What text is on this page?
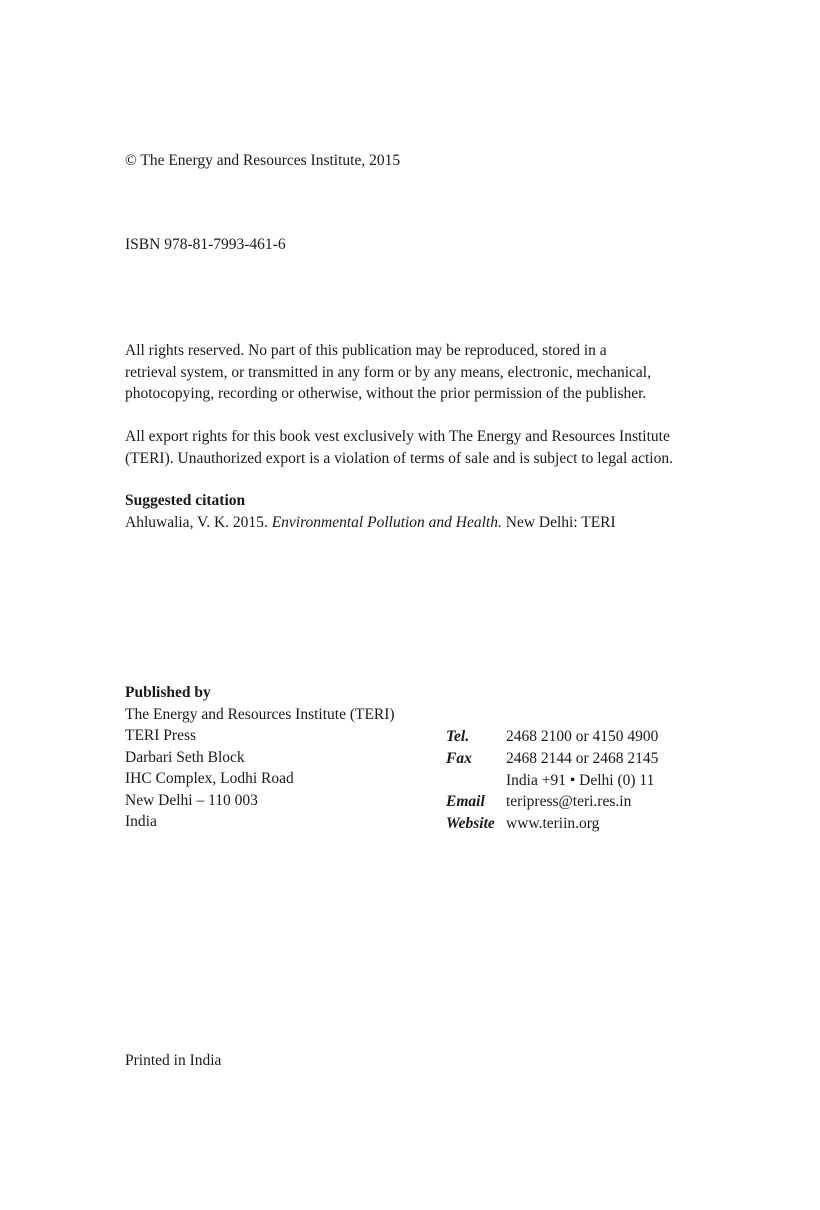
© The Energy and Resources Institute, 2015
ISBN 978-81-7993-461-6
All rights reserved. No part of this publication may be reproduced, stored in a
retrieval system, or transmitted in any form or by any means, electronic, mechanical,
photocopying, recording or otherwise, without the prior permission of the publisher.
All export rights for this book vest exclusively with The Energy and Resources Institute
(TERI). Unauthorized export is a violation of terms of sale and is subject to legal action.
Suggested citation
Ahluwalia, V. K. 2015. Environmental Pollution and Health. New Delhi: TERI
Published by
The Energy and Resources Institute (TERI)
TERI Press
Darbari Seth Block
IHC Complex, Lodhi Road
New Delhi – 110 003
India
Tel. 2468 2100 or 4150 4900
Fax 2468 2144 or 2468 2145
India +91 • Delhi (0) 11
Email teripress@teri.res.in
Website www.teriin.org
Printed in India
